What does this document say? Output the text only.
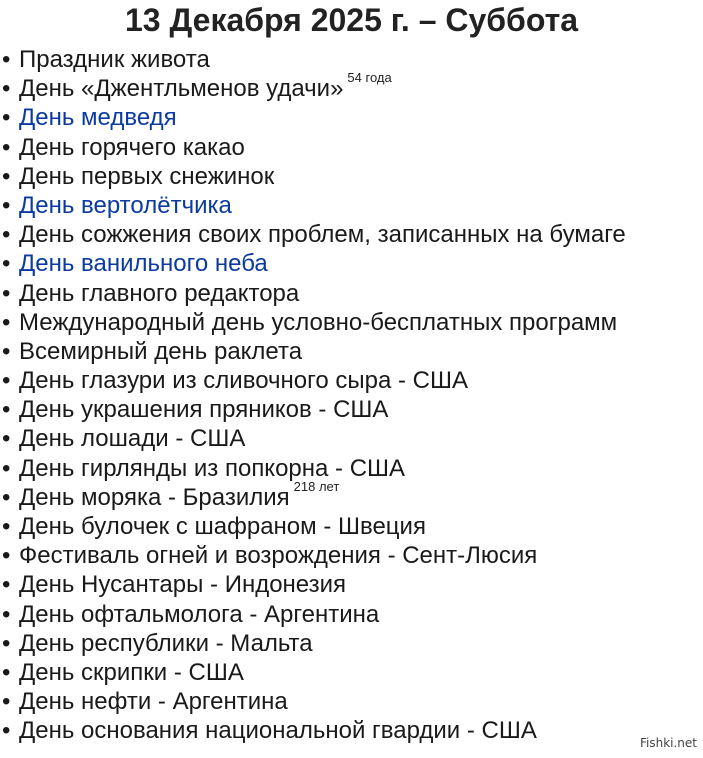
13 Декабря 2025 г. – Суббота
• Праздник живота
• День «Джентльменов удачи» $^{54 года}$
• День медведя
• День горячего какао
• День первых снежинок
• День вертолётчика
• День сожжения своих проблем, записанных на бумаге
• День ванильного неба
• День главного редактора
• Международный день условно-бесплатных программ
• Всемирный день раклета
• День глазури из сливочного сыра - США
• День украшения пряников - США
• День лошади - США
• День гирлянды из попкорна - США
• День моряка - Бразилия $^{218 лет}$
• День булочек с шафраном - Швеция
• Фестиваль огней и возрождения - Сент-Люсия
• День Нусантары - Индонезия
• День офтальмолога - Аргентина
• День республики - Мальта
• День скрипки - США
• День нефти - Аргентина
• День основания национальной гвардии - США	Fishki.net
